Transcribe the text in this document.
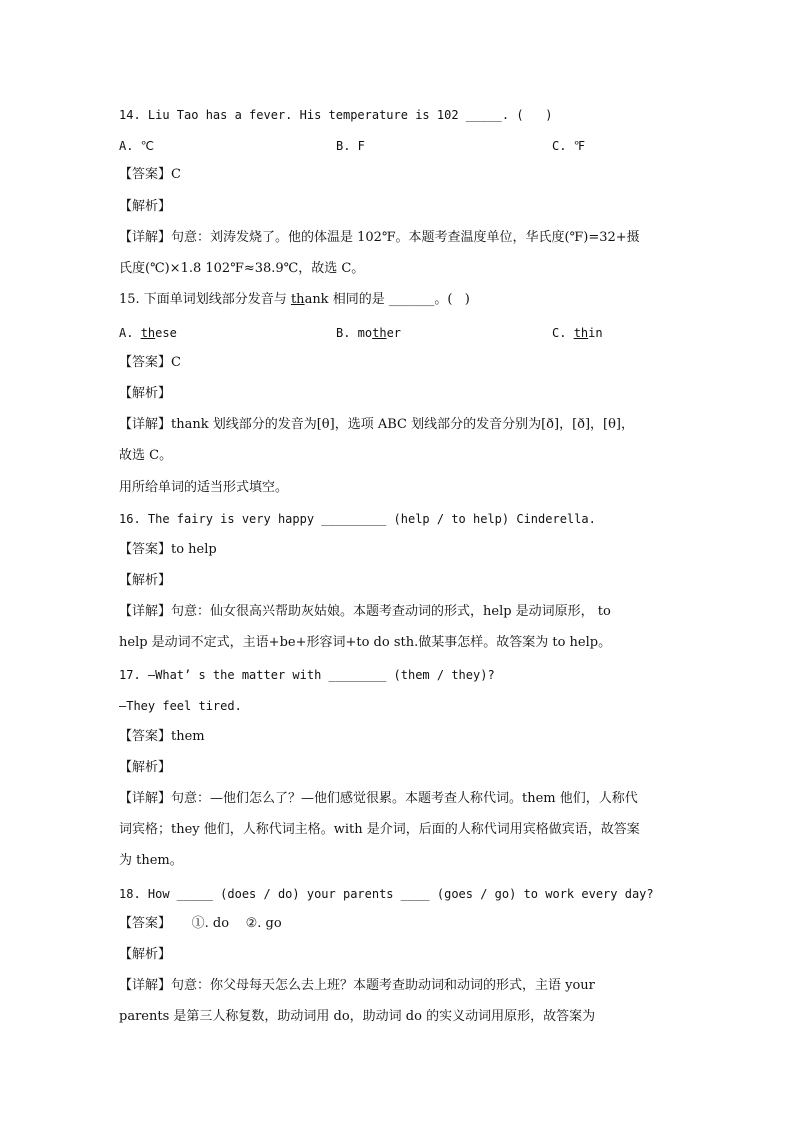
14. Liu Tao has a fever. His temperature is 102 _____. (   )
A. ℃	B. F	C. ℉
【答案】C
【解析】
【详解】句意：刘涛发烧了。他的体温是 102℉。本题考查温度单位，华氏度(℉)=32+摄
氏度(℃)×1.8 102℉≈38.9℃，故选 C。
15. 下面单词划线部分发音与 thank 相同的是 _______。(   )
A. these	B. mother	C. thin
【答案】C
【解析】
【详解】thank 划线部分的发音为[θ]，选项 ABC 划线部分的发音分别为[ð]，[ð]，[θ]，
故选 C。
用所给单词的适当形式填空。
16. The fairy is very happy _________ (help / to help) Cinderella.
【答案】to help
【解析】
【详解】句意：仙女很高兴帮助灰姑娘。本题考查动词的形式，help 是动词原形， to
help 是动词不定式，主语+be+形容词+to do sth.做某事怎样。故答案为 to help。
17. —What’ s the matter with ________ (them / they)?
—They feel tired.
【答案】them
【解析】
【详解】句意：—他们怎么了？—他们感觉很累。本题考查人称代词。them 他们，人称代
词宾格；they 他们，人称代词主格。with 是介词，后面的人称代词用宾格做宾语，故答案
为 them。
18. How _____ (does / do) your parents ____ (goes / go) to work every day?
【答案】     ①. do    ②. go
【解析】
【详解】句意：你父母每天怎么去上班？本题考查助动词和动词的形式，主语 your
parents 是第三人称复数，助动词用 do，助动词 do 的实义动词用原形，故答案为
